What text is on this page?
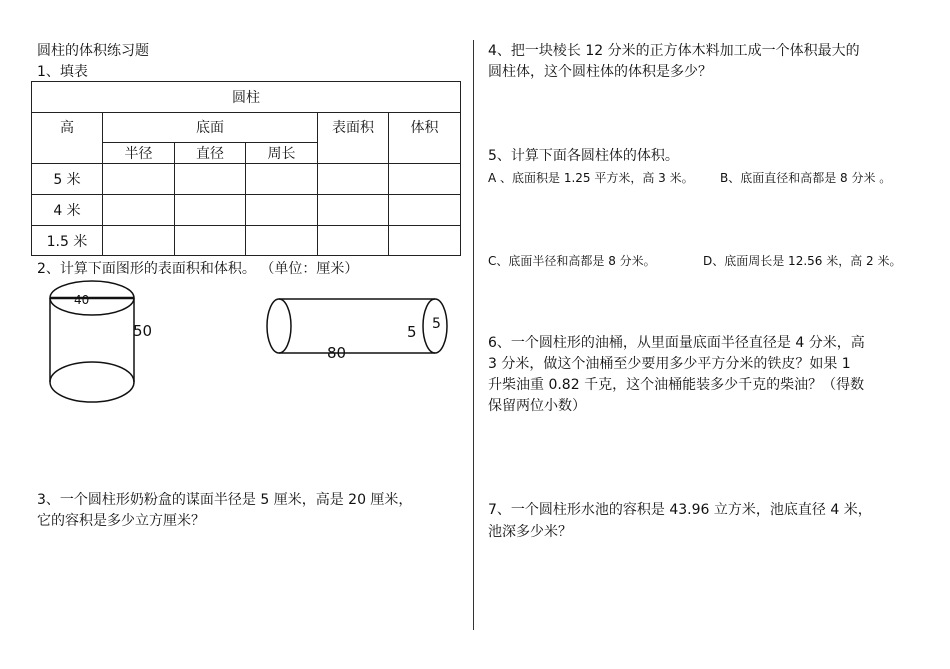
圆柱的体积练习题
1、填表
圆柱					
高	底面			表面积	体积
	半径	直径	周长		
5 米					
4 米					
1.5 米					
2、计算下面图形的表面积和体积。 （单位：厘米）
40
50
80
5 5
3、一个圆柱形奶粉盒的谋面半径是 5 厘米，高是 20 厘米，
它的容积是多少立方厘米？
4、把一块棱长 12 分米的正方体木料加工成一个体积最大的
圆柱体，这个圆柱体的体积是多少？
5、计算下面各圆柱体的体积。
A 、底面积是 1.25 平方米，高 3 米。 B、底面直径和高都是 8 分米 。
C、底面半径和高都是 8 分米。	D、底面周长是 12.56 米，高 2 米。
6、一个圆柱形的油桶，从里面量底面半径直径是 4 分米，高
3 分米，做这个油桶至少要用多少平方分米的铁皮？如果 1
升柴油重 0.82 千克，这个油桶能装多少千克的柴油？（得数
保留两位小数）
7、一个圆柱形水池的容积是 43.96 立方米，池底直径 4 米，
池深多少米？
